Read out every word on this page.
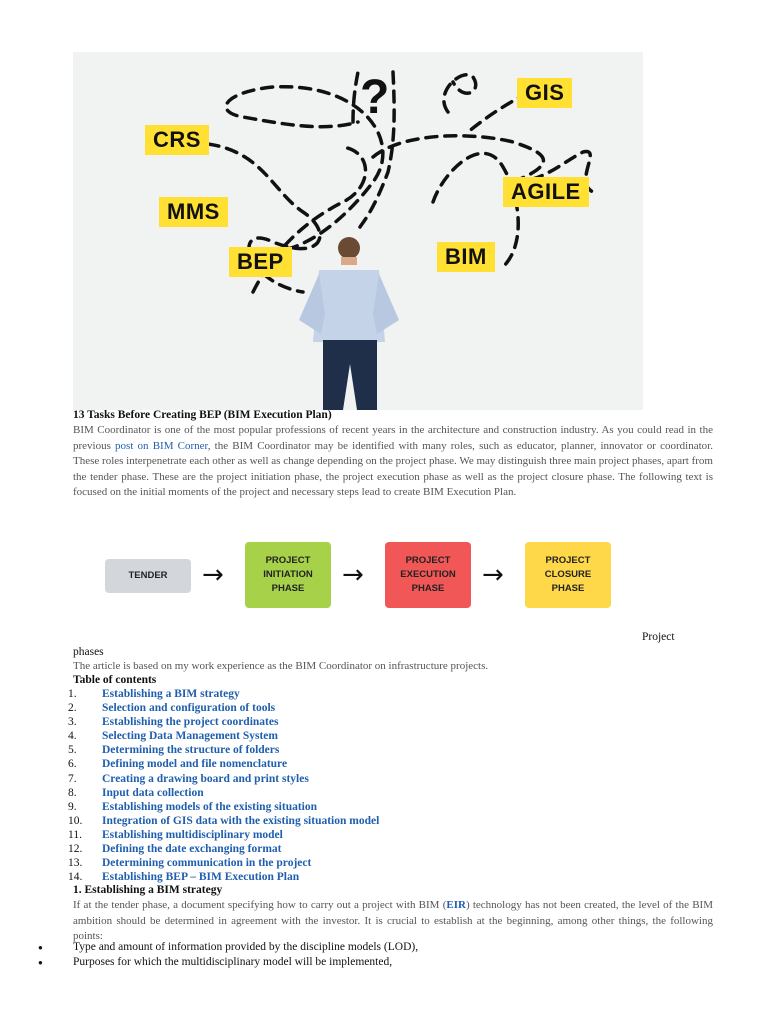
CRS
MMS
BEP
GIS
AGILE
BIM
?
13 Tasks Before Creating BEP (BIM Execution Plan)

BIM Coordinator is one of the most popular professions of recent years in the architecture and construction industry. As you could read in the previous post on BIM Corner, the BIM Coordinator may be identified with many roles, such as educator, planner, innovator or coordinator. These roles interpenetrate each other as well as change depending on the project phase. We may distinguish three main project phases, apart from the tender phase. These are the project initiation phase, the project execution phase as well as the project closure phase. The following text is focused on the initial moments of the project and necessary steps lead to create BIM Execution Plan.

TENDER →	PROJECT
INITIATION
PHASE	→	PROJECT
EXECUTION
PHASE	→	PROJECT
CLOSURE
PHASE
Project
phases

The article is based on my work experience as the BIM Coordinator on infrastructure projects.

Table of contents
1.	Establishing a BIM strategy
2.	Selection and configuration of tools
3.	Establishing the project coordinates
4.	Selecting Data Management System
5.	Determining the structure of folders
6.	Defining model and file nomenclature
7.	Creating a drawing board and print styles
8.	Input data collection
9.	Establishing models of the existing situation
10.	Integration of GIS data with the existing situation model
11.	Establishing multidisciplinary model
12.	Defining the date exchanging format
13.	Determining communication in the project
14.	Establishing BEP – BIM Execution Plan
1. Establishing a BIM strategy

If at the tender phase, a document specifying how to carry out a project with BIM (EIR) technology has not been created, the level of the BIM ambition should be determined in agreement with the investor. It is crucial to establish at the beginning, among other things, the following points:

●	Type and amount of information provided by the discipline models (LOD),
●	Purposes for which the multidisciplinary model will be implemented,
